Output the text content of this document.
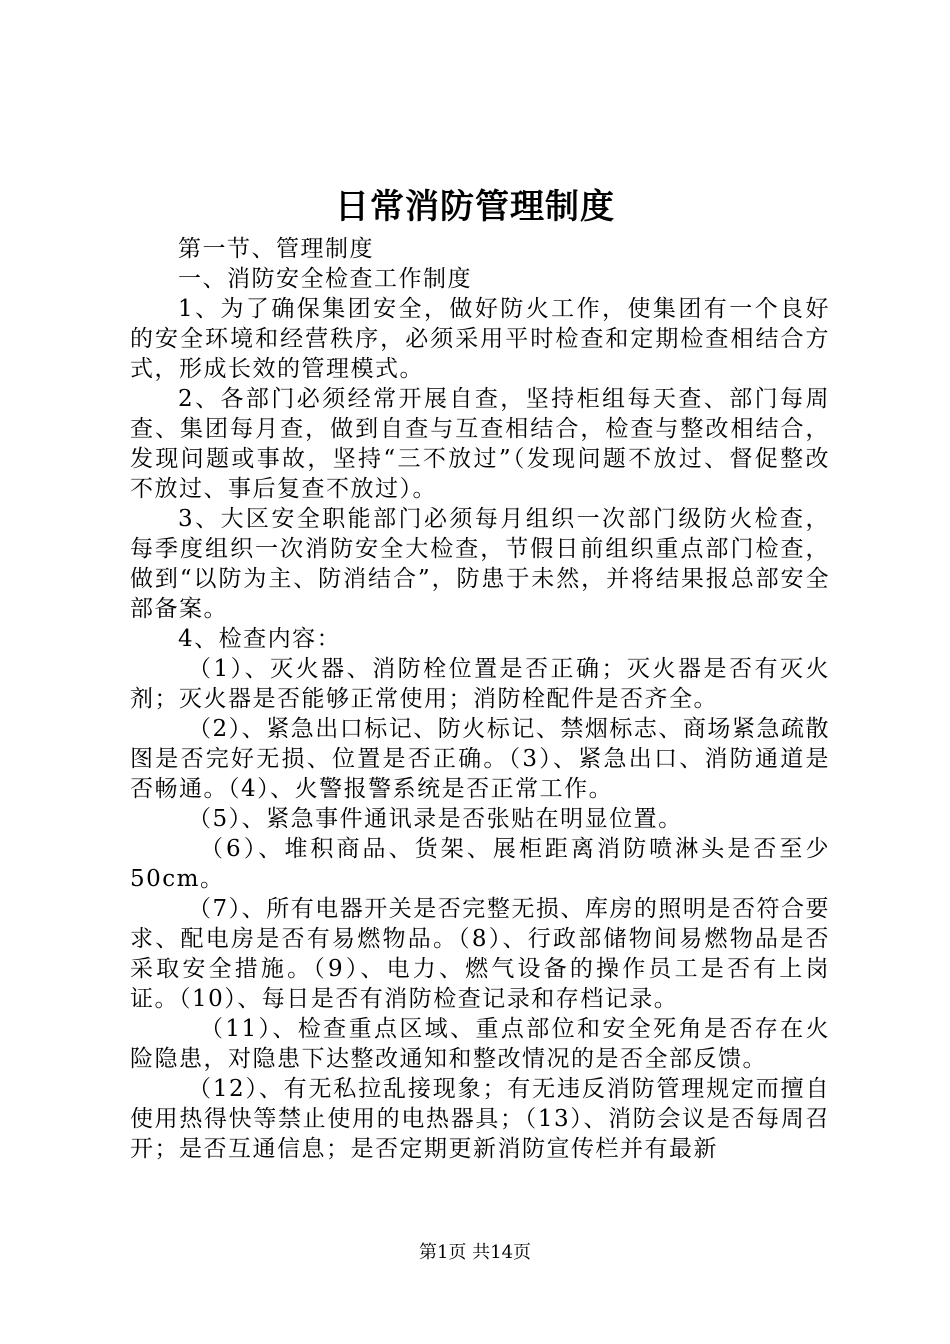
日常消防管理制度

第一节、管理制度

一、消防安全检查工作制度

1、为了确保集团安全，做好防火工作，使集团有一个良好的安全环境和经营秩序，必须采用平时检查和定期检查相结合方式，形成长效的管理模式。

2、各部门必须经常开展自查，坚持柜组每天查、部门每周查、集团每月查，做到自查与互查相结合，检查与整改相结合，发现问题或事故，坚持“三不放过”（发现问题不放过、督促整改不放过、事后复查不放过）。

3、大区安全职能部门必须每月组织一次部门级防火检查，每季度组织一次消防安全大检查，节假日前组织重点部门检查，做到“以防为主、防消结合”，防患于未然，并将结果报总部安全部备案。

4、检查内容：

（1）、灭火器、消防栓位置是否正确；灭火器是否有灭火剂；灭火器是否能够正常使用；消防栓配件是否齐全。

（2）、紧急出口标记、防火标记、禁烟标志、商场紧急疏散图是否完好无损、位置是否正确。（3）、紧急出口、消防通道是否畅通。（4）、火警报警系统是否正常工作。

（5）、紧急事件通讯录是否张贴在明显位置。

（6）、堆积商品、货架、展柜距离消防喷淋头是否至少50cm。

（7）、所有电器开关是否完整无损、库房的照明是否符合要求、配电房是否有易燃物品。（8）、行政部储物间易燃物品是否采取安全措施。（9）、电力、燃气设备的操作员工是否有上岗证。（10）、每日是否有消防检查记录和存档记录。

（11）、检查重点区域、重点部位和安全死角是否存在火险隐患，对隐患下达整改通知和整改情况的是否全部反馈。

（12）、有无私拉乱接现象；有无违反消防管理规定而擅自使用热得快等禁止使用的电热器具；（13）、消防会议是否每周召开；是否互通信息；是否定期更新消防宣传栏并有最新

第1页 共14页
